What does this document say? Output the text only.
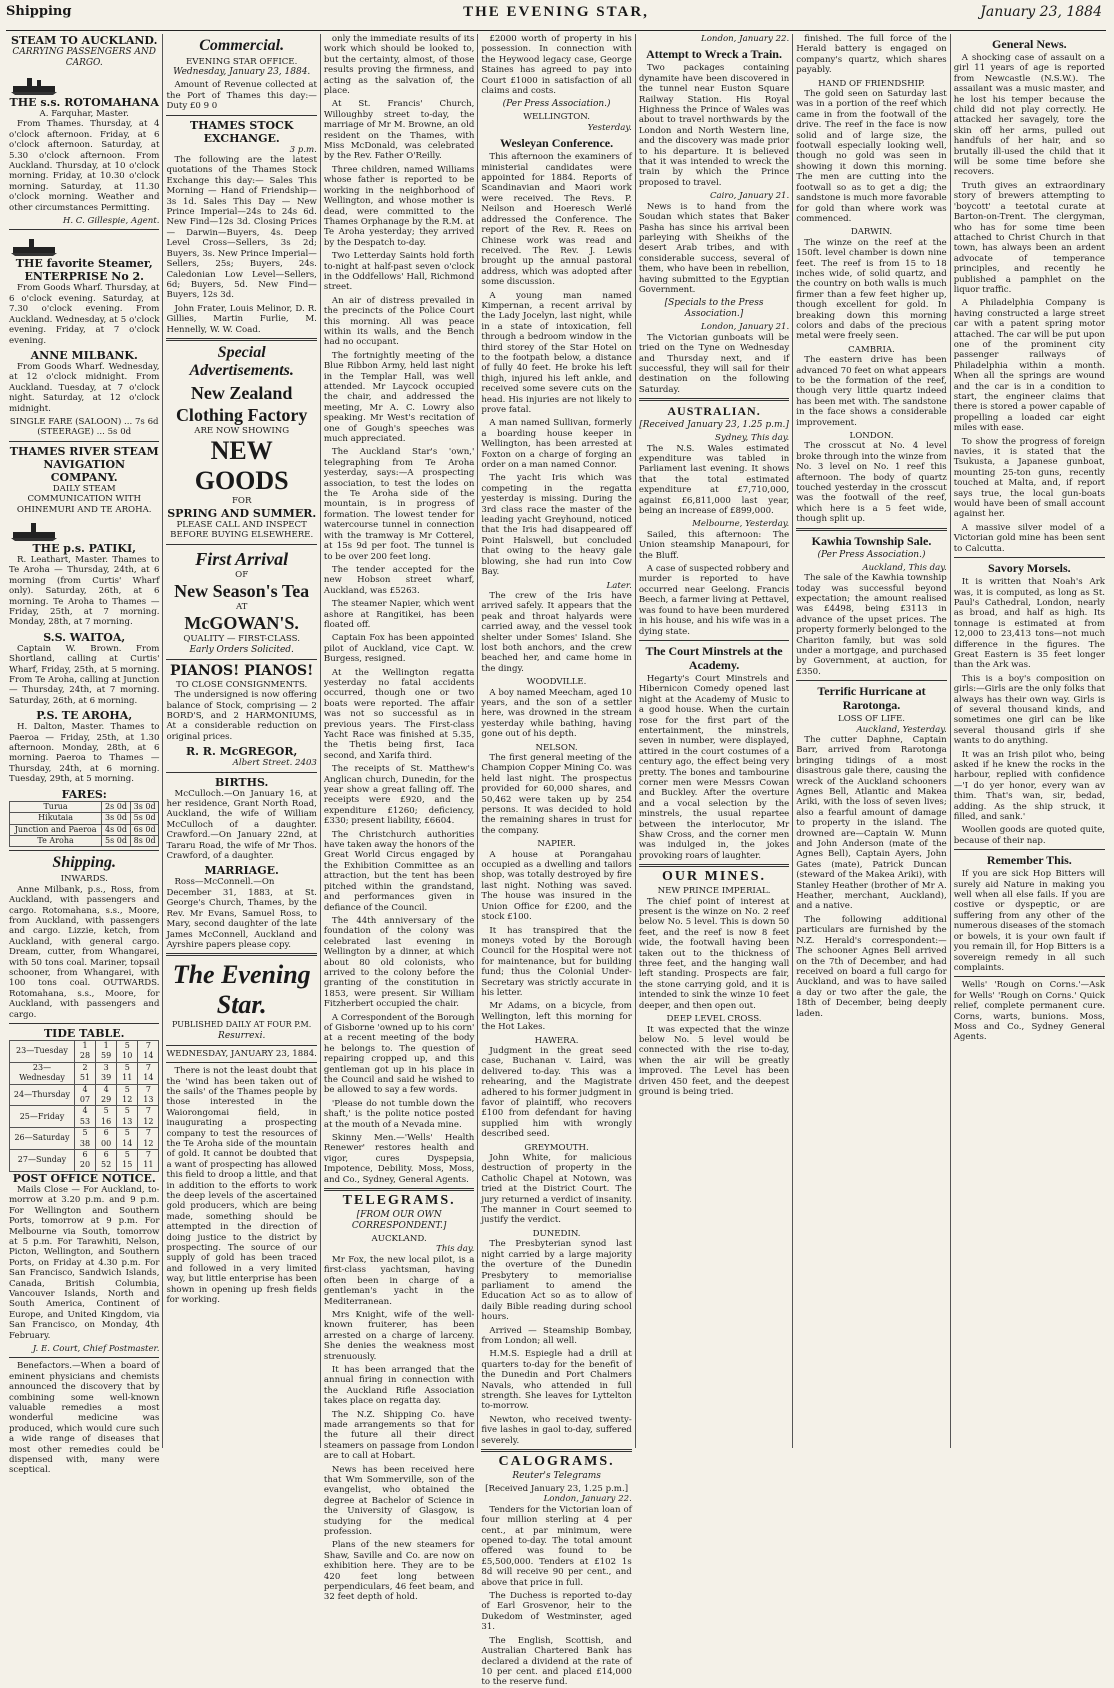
Shipping	THE EVENING STAR,	January 23, 1884
STEAM TO AUCKLAND.
CARRYING PASSENGERS AND CARGO.
THE s.s. ROTOMAHANA
A. Farquhar, Master.

From Thames. Thursday, at 4 o'clock afternoon. Friday, at 6 o'clock afternoon. Saturday, at 5.30 o'clock afternoon. From Auckland. Thursday, at 10 o'clock morning. Friday, at 10.30 o'clock morning. Saturday, at 11.30 o'clock morning. Weather and other circumstances Permitting.

H. C. Gillespie, Agent.
THE favorite Steamer, ENTERPRISE No 2.

From Goods Wharf. Thursday, at 6 o'clock evening. Saturday, at 7.30 o'clock evening. From Auckland. Wednesday, at 5 o'clock evening. Friday, at 7 o'clock evening.

ANNE MILBANK.

From Goods Wharf. Wednesday, at 12 o'clock midnight. From Auckland. Tuesday, at 7 o'clock night. Saturday, at 12 o'clock midnight.

SINGLE FARE (SALOON) ... 7s 6d (STEERAGE) ... 5s 0d
THAMES RIVER STEAM NAVIGATION COMPANY.
DAILY STEAM COMMUNICATION WITH OHINEMURI AND TE AROHA.
THE p.s. PATIKI,

R. Leathart, Master. Thames to Te Aroha — Thursday, 24th, at 6 morning (from Curtis' Wharf only). Saturday, 26th, at 6 morning. Te Aroha to Thames — Friday, 25th, at 7 morning. Monday, 28th, at 7 morning.

S.S. WAITOA,

Captain W. Brown. From Shortland, calling at Curtis' Wharf, Friday, 25th, at 5 morning. From Te Aroha, calling at Junction — Thursday, 24th, at 7 morning. Saturday, 26th, at 6 morning.

P.S. TE AROHA,

H. Dalton, Master. Thames to Paeroa — Friday, 25th, at 1.30 afternoon. Monday, 28th, at 6 morning. Paeroa to Thames — Thursday, 24th, at 6 morning. Tuesday, 29th, at 5 morning.

FARES:
Turua	2s 0d	3s 0d
Hikutaia	3s 0d	5s 0d
Junction and Paeroa	4s 0d	6s 0d
Te Aroha	5s 0d	8s 0d
Shipping.
INWARDS.

Anne Milbank, p.s., Ross, from Auckland, with passengers and cargo. Rotomahana, s.s., Moore, from Auckland, with passengers and cargo. Lizzie, ketch, from Auckland, with general cargo. Dream, cutter, from Whangarei, with 50 tons coal. Mariner, topsail schooner, from Whangarei, with 100 tons coal. OUTWARDS. Rotomahana, s.s., Moore, for Auckland, with passengers and cargo.

TIDE TABLE.
23—Tuesday	1 28	1 59	5 10	7 14
23—Wednesday	2 51	3 39	5 11	7 14
24—Thursday	4 07	4 29	5 12	7 13
25—Friday	4 53	5 16	5 13	7 12
26—Saturday	5 38	6 00	5 14	7 12
27—Sunday	6 20	6 52	5 15	7 11
POST OFFICE NOTICE.

Mails Close — For Auckland, to-morrow at 3.20 p.m. and 9 p.m. For Wellington and Southern Ports, tomorrow at 9 p.m. For Melbourne via South, tomorrow at 5 p.m. For Tarawhiti, Nelson, Picton, Wellington, and Southern Ports, on Friday at 4.30 p.m. For San Francisco, Sandwich Islands, Canada, British Columbia, Vancouver Islands, North and South America, Continent of Europe, and United Kingdom, via San Francisco, on Monday, 4th February.

J. E. Court, Chief Postmaster.

Benefactors.—When a board of eminent physicians and chemists announced the discovery that by combining some well-known valuable remedies a most wonderful medicine was produced, which would cure such a wide range of diseases that most other remedies could be dispensed with, many were sceptical.

Commercial.
EVENING STAR OFFICE.
Wednesday, January 23, 1884.

Amount of Revenue collected at the Port of Thames this day:— Duty £0 9 0

THAMES STOCK EXCHANGE.
3 p.m.

The following are the latest quotations of the Thames Stock Exchange this day:— Sales This Morning — Hand of Friendship—3s 1d. Sales This Day — New Prince Imperial—24s to 24s 6d. New Find—12s 3d. Closing Prices — Darwin—Buyers, 4s. Deep Level Cross—Sellers, 3s 2d; Buyers, 3s. New Prince Imperial—Sellers, 25s; Buyers, 24s. Caledonian Low Level—Sellers, 6d; Buyers, 5d. New Find—Buyers, 12s 3d.

John Frater, Louis Melinor, D. R. Gillies, Martin Furlie, M. Hennelly, W. W. Coad.

Special Advertisements.
New Zealand Clothing Factory
ARE NOW SHOWING
NEW GOODS
FOR
SPRING AND SUMMER.
PLEASE CALL AND INSPECT BEFORE BUYING ELSEWHERE.
First Arrival
OF
New Season's Tea
AT
McGOWAN'S.
QUALITY — FIRST-CLASS.
Early Orders Solicited.
PIANOS! PIANOS!
TO CLOSE CONSIGNMENTS.

The undersigned is now offering balance of Stock, comprising — 2 BORD'S, and 2 HARMONIUMS, At a considerable reduction on original prices.

R. R. McGREGOR,
Albert Street. 2403
BIRTHS.

McCulloch.—On January 16, at her residence, Grant North Road, Auckland, the wife of William McCulloch of a daughter. Crawford.—On January 22nd, at Tararu Road, the wife of Mr Thos. Crawford, of a daughter.

MARRIAGE.

Ross—McConnell.—On December 31, 1883, at St. George's Church, Thames, by the Rev. Mr Evans, Samuel Ross, to Mary, second daughter of the late James McConnell, Auckland and Ayrshire papers please copy.

The Evening Star.
PUBLISHED DAILY AT FOUR P.M.
Resurrexi.
WEDNESDAY, JANUARY 23, 1884.

There is not the least doubt that the 'wind has been taken out of the sails' of the Thames people by those interested in the Waiorongomai field, in inaugurating a prospecting company to test the resources of the Te Aroha side of the mountain of gold. It cannot be doubted that a want of prospecting has allowed this field to droop a little, and that in addition to the efforts to work the deep levels of the ascertained gold producers, which are being made, something should be attempted in the direction of doing justice to the district by prospecting. The source of our supply of gold has been traced and followed in a very limited way, but little enterprise has been shown in opening up fresh fields for working.

only the immediate results of its work which should be looked to, but the certainty, almost, of those results proving the firmness, and acting as the salvation of, the place.

At St. Francis' Church, Willoughby street to-day, the marriage of Mr M. Browne, an old resident on the Thames, with Miss McDonald, was celebrated by the Rev. Father O'Reilly.

Three children, named Williams whose father is reported to be working in the neighborhood of Wellington, and whose mother is dead, were committed to the Thames Orphanage by the R.M. at Te Aroha yesterday; they arrived by the Despatch to-day.

Two Letterday Saints hold forth to-night at half-past seven o'clock in the Oddfellows' Hall, Richmond street.

An air of distress prevailed in the precincts of the Police Court this morning. All was peace within its walls, and the Bench had no occupant.

The fortnightly meeting of the Blue Ribbon Army, held last night in the Templar Hall, was well attended. Mr Laycock occupied the chair, and addressed the meeting, Mr A. C. Lowry also speaking. Mr West's recitation of one of Gough's speeches was much appreciated.

The Auckland Star's 'own,' telegraphing from Te Aroha yesterday, says:—A prospecting association, to test the lodes on the Te Aroha side of the mountain, is in progress of formation. The lowest tender for watercourse tunnel in connection with the tramway is Mr Cotterel, at 15s 9d per foot. The tunnel is to be over 200 feet long.

The tender accepted for the new Hobson street wharf, Auckland, was £5263.

The steamer Napier, which went ashore at Rangitikei, has been floated off.

Captain Fox has been appointed pilot of Auckland, vice Capt. W. Burgess, resigned.

At the Wellington regatta yesterday no fatal accidents occurred, though one or two boats were reported. The affair was not so successful as in previous years. The First-class Yacht Race was finished at 5.35, the Thetis being first, Iaca second, and Xarifa third.

The receipts of St. Matthew's Anglican church, Dunedin, for the year show a great falling off. The receipts were £920, and the expenditure £1260; deficiency, £330; present liability, £6604.

The Christchurch authorities have taken away the honors of the Great World Circus engaged by the Exhibition Committee as an attraction, but the tent has been pitched within the grandstand, and performances given in defiance of the Council.

The 44th anniversary of the foundation of the colony was celebrated last evening in Wellington by a dinner, at which about 80 old colonists, who arrived to the colony before the granting of the constitution in 1853, were present. Sir William Fitzherbert occupied the chair.

A Correspondent of the Borough of Gisborne 'owned up to his corn' at a recent meeting of the body he belongs to. The question of repairing cropped up, and this gentleman got up in his place in the Council and said he wished to be allowed to say a few words.

'Please do not tumble down the shaft,' is the polite notice posted at the mouth of a Nevada mine.

Skinny Men.—'Wells' Health Renewer' restores health and vigor, cures Dyspepsia, Impotence, Debility. Moss, Moss, and Co., Sydney, General Agents.

TELEGRAMS.
[FROM OUR OWN CORRESPONDENT.]
AUCKLAND.
This day.

Mr Fox, the new local pilot, is a first-class yachtsman, having often been in charge of a gentleman's yacht in the Mediterranean.

Mrs Knight, wife of the well-known fruiterer, has been arrested on a charge of larceny. She denies the weakness most strenuously.

It has been arranged that the annual firing in connection with the Auckland Rifle Association takes place on regatta day.

The N.Z. Shipping Co. have made arrangements so that for the future all their direct steamers on passage from London are to call at Hobart.

News has been received here that Wm Sommerville, son of the evangelist, who obtained the degree at Bachelor of Science in the University of Glasgow, is studying for the medical profession.

Plans of the new steamers for Shaw, Saville and Co. are now on exhibition here. They are to be 420 feet long between perpendiculars, 46 feet beam, and 32 feet depth of hold.

£2000 worth of property in his possession. In connection with the Heywood legacy case, George Staines has agreed to pay into Court £1000 in satisfaction of all claims and costs.

(Per Press Association.)
WELLINGTON.
Yesterday.
Wesleyan Conference.

This afternoon the examiners of ministerial candidates were appointed for 1884. Reports of Scandinavian and Maori work were received. The Revs. P. Neilson and Hoeresch Werlé addressed the Conference. The report of the Rev. R. Rees on Chinese work was read and received. The Rev. J. Lewis brought up the annual pastoral address, which was adopted after some discussion.

A young man named Kimpernan, a recent arrival by the Lady Jocelyn, last night, while in a state of intoxication, fell through a bedroom window in the third storey of the Star Hotel on to the footpath below, a distance of fully 40 feet. He broke his left thigh, injured his left ankle, and received some severe cuts on the head. His injuries are not likely to prove fatal.

A man named Sullivan, formerly a boarding house keeper in Wellington, has been arrested at Foxton on a charge of forging an order on a man named Connor.

The yacht Iris which was competing in the regatta yesterday is missing. During the 3rd class race the master of the leading yacht Greyhound, noticed that the Iris had disappeared off Point Halswell, but concluded that owing to the heavy gale blowing, she had run into Cow Bay.

Later.

The crew of the Iris have arrived safely. It appears that the peak and throat halyards were carried away, and the vessel took shelter under Somes' Island. She lost both anchors, and the crew beached her, and came home in the dingy.

WOODVILLE.

A boy named Meecham, aged 10 years, and the son of a settler here, was drowned in the stream yesterday while bathing, having gone out of his depth.

NELSON.

The first general meeting of the Champion Copper Mining Co. was held last night. The prospectus provided for 60,000 shares, and 50,462 were taken up by 254 persons. It was decided to hold the remaining shares in trust for the company.

NAPIER.

A house at Porangahau occupied as a dwelling and tailors shop, was totally destroyed by fire last night. Nothing was saved. The house was insured in the Union Office for £200, and the stock £100.

It has transpired that the moneys voted by the Borough Council for the Hospital were not for maintenance, but for building fund; thus the Colonial Under-Secretary was strictly accurate in his letter.

Mr Adams, on a bicycle, from Wellington, left this morning for the Hot Lakes.

HAWERA.

Judgment in the great seed case, Buchanan v. Laird, was delivered to-day. This was a rehearing, and the Magistrate adhered to his former judgment in favor of plaintiff, who recovers £100 from defendant for having supplied him with wrongly described seed.

GREYMOUTH.

John White, for malicious destruction of property in the Catholic Chapel at Notown, was tried at the District Court. The jury returned a verdict of insanity. The manner in Court seemed to justify the verdict.

DUNEDIN.

The Presbyterian synod last night carried by a large majority the overture of the Dunedin Presbytery to memorialise parliament to amend the Education Act so as to allow of daily Bible reading during school hours.

Arrived — Steamship Bombay, from London; all well.

H.M.S. Espiegle had a drill at quarters to-day for the benefit of the Dunedin and Port Chalmers Navals, who attended in full strength. She leaves for Lyttelton to-morrow.

Newton, who received twenty-five lashes in gaol to-day, suffered severely.

CALOGRAMS.
Reuter's Telegrams
[Received January 23, 1.25 p.m.]
London, January 22.

Tenders for the Victorian loan of four million sterling at 4 per cent., at par minimum, were opened to-day. The total amount offered was found to be £5,500,000. Tenders at £102 1s 8d will receive 90 per cent., and above that price in full.

The Duchess is reported to-day of Earl Grosvenor, heir to the Dukedom of Westminster, aged 31.

The English, Scottish, and Australian Chartered Bank has declared a dividend at the rate of 10 per cent. and placed £14,000 to the reserve fund.

London, January 22.
Attempt to Wreck a Train.

Two packages containing dynamite have been discovered in the tunnel near Euston Square Railway Station. His Royal Highness the Prince of Wales was about to travel northwards by the London and North Western line, and the discovery was made prior to his departure. It is believed that it was intended to wreck the train by which the Prince proposed to travel.

Cairo, January 21.

News is to hand from the Soudan which states that Baker Pasha has since his arrival been parleying with Sheikhs of the desert Arab tribes, and with considerable success, several of them, who have been in rebellion, having submitted to the Egyptian Government.

[Specials to the Press Association.]
London, January 21.

The Victorian gunboats will be tried on the Tyne on Wednesday and Thursday next, and if successful, they will sail for their destination on the following Saturday.

AUSTRALIAN.
[Received January 23, 1.25 p.m.]
Sydney, This day.

The N.S. Wales estimated expenditure was tabled in Parliament last evening. It shows that the total estimated expenditure at £7,710,000, against £6,811,000 last year, being an increase of £899,000.

Melbourne, Yesterday.

Sailed, this afternoon: The Union steamship Manapouri, for the Bluff.

A case of suspected robbery and murder is reported to have occurred near Geelong. Francis Beech, a farmer living at Pettavel, was found to have been murdered in his house, and his wife was in a dying state.

The Court Minstrels at the Academy.

Hegarty's Court Minstrels and Hibernicon Comedy opened last night at the Academy of Music to a good house. When the curtain rose for the first part of the entertainment, the minstrels, seven in number, were displayed, attired in the court costumes of a century ago, the effect being very pretty. The bones and tambourine corner men were Messrs Cowan and Buckley. After the overture and a vocal selection by the minstrels, the usual repartee between the interlocutor, Mr Shaw Cross, and the corner men was indulged in, the jokes provoking roars of laughter.

OUR MINES.
NEW PRINCE IMPERIAL.

The chief point of interest at present is the winze on No. 2 reef below No. 5 level. This is down 50 feet, and the reef is now 8 feet wide, the footwall having been taken out to the thickness of three feet, and the hanging wall left standing. Prospects are fair, the stone carrying gold, and it is intended to sink the winze 10 feet deeper, and then open out.

DEEP LEVEL CROSS.

It was expected that the winze below No. 5 level would be connected with the rise to-day, when the air will be greatly improved. The Level has been driven 450 feet, and the deepest ground is being tried.

finished. The full force of the Herald battery is engaged on company's quartz, which shares payably.

HAND OF FRIENDSHIP.

The gold seen on Saturday last was in a portion of the reef which came in from the footwall of the drive. The reef in the face is now solid and of large size, the footwall especially looking well, though no gold was seen in showing it down this morning. The men are cutting into the footwall so as to get a dig; the sandstone is much more favorable for gold than where work was commenced.

DARWIN.

The winze on the reef at the 150ft. level chamber is down nine feet. The reef is from 15 to 18 inches wide, of solid quartz, and the country on both walls is much firmer than a few feet higher up, though excellent for gold. In breaking down this morning colors and dabs of the precious metal were freely seen.

CAMBRIA.

The eastern drive has been advanced 70 feet on what appears to be the formation of the reef, though very little quartz indeed has been met with. The sandstone in the face shows a considerable improvement.

LONDON.

The crosscut at No. 4 level broke through into the winze from No. 3 level on No. 1 reef this afternoon. The body of quartz touched yesterday in the crosscut was the footwall of the reef, which here is a 5 feet wide, though split up.

Kawhia Township Sale.
(Per Press Association.)
Auckland, This day.

The sale of the Kawhia township today was successful beyond expectation; the amount realised was £4498, being £3113 in advance of the upset prices. The property formerly belonged to the Chariton family, but was sold under a mortgage, and purchased by Government, at auction, for £350.

Terrific Hurricane at Rarotonga.
LOSS OF LIFE.
Auckland, Yesterday.

The cutter Daphne, Captain Barr, arrived from Rarotonga bringing tidings of a most disastrous gale there, causing the wreck of the Auckland schooners Agnes Bell, Atlantic and Makea Ariki, with the loss of seven lives; also a fearful amount of damage to property in the island. The drowned are—Captain W. Munn and John Anderson (mate of the Agnes Bell), Captain Ayers, John Gates (mate), Patrick Duncan (steward of the Makea Ariki), with Stanley Heather (brother of Mr A. Heather, merchant, Auckland), and a native.

The following additional particulars are furnished by the N.Z. Herald's correspondent:—The schooner Agnes Bell arrived on the 7th of December, and had received on board a full cargo for Auckland, and was to have sailed a day or two after the gale, the 18th of December, being deeply laden.

General News.

A shocking case of assault on a girl 11 years of age is reported from Newcastle (N.S.W.). The assailant was a music master, and he lost his temper because the child did not play correctly. He attacked her savagely, tore the skin off her arms, pulled out handfuls of her hair, and so brutally ill-used the child that it will be some time before she recovers.

Truth gives an extraordinary story of brewers attempting to 'boycott' a teetotal curate at Barton-on-Trent. The clergyman, who has for some time been attached to Christ Church in that town, has always been an ardent advocate of temperance principles, and recently he published a pamphlet on the liquor traffic.

A Philadelphia Company is having constructed a large street car with a patent spring motor attached. The car will be put upon one of the prominent city passenger railways of Philadelphia within a month. When all the springs are wound and the car is in a condition to start, the engineer claims that there is stored a power capable of propelling a loaded car eight miles with ease.

To show the progress of foreign navies, it is stated that the Tsukusta, a Japanese gunboat, mounting 25-ton guns, recently touched at Malta, and, if report says true, the local gun-boats would have been of small account against her.

A massive silver model of a Victorian gold mine has been sent to Calcutta.

Savory Morsels.

It is written that Noah's Ark was, it is computed, as long as St. Paul's Cathedral, London, nearly as broad, and half as high. Its tonnage is estimated at from 12,000 to 23,413 tons—not much difference in the figures. The Great Eastern is 35 feet longer than the Ark was.

This is a boy's composition on girls:—Girls are the only folks that always has their own way. Girls is of several thousand kinds, and sometimes one girl can be like several thousand girls if she wants to do anything.

It was an Irish pilot who, being asked if he knew the rocks in the harbour, replied with confidence—'I do yer honor, every wan av thim. That's wan, sir, bedad, adding. As the ship struck, it filled, and sank.'

Woollen goods are quoted quite, because of their nap.

Remember This.

If you are sick Hop Bitters will surely aid Nature in making you well when all else fails. If you are costive or dyspeptic, or are suffering from any other of the numerous diseases of the stomach or bowels, it is your own fault if you remain ill, for Hop Bitters is a sovereign remedy in all such complaints.

Wells' 'Rough on Corns.'—Ask for Wells' 'Rough on Corns.' Quick relief, complete permanent cure. Corns, warts, bunions. Moss, Moss and Co., Sydney General Agents.
